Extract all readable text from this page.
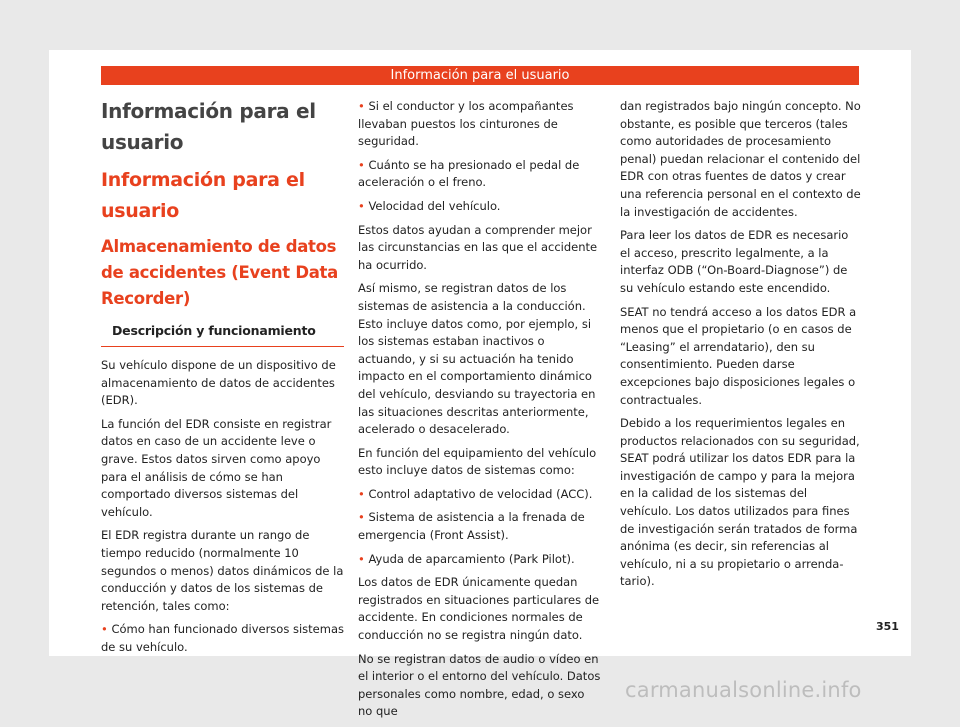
Información para el usuario
Información para el usuario
Información para el usuario
Almacenamiento de datos de accidentes (Event Data Recorder)
Descripción y funcionamiento

Su vehículo dispone de un dispositivo de almacenamiento de datos de accidentes (EDR).

La función del EDR consiste en registrar datos en caso de un accidente leve o grave. Estos datos sirven como apoyo para el análisis de cómo se han comportado diversos sistemas del vehículo.

El EDR registra durante un rango de tiempo reducido (normalmente 10 segundos o menos) datos dinámicos de la conducción y datos de los sistemas de retención, tales como:

• Cómo han funcionado diversos sistemas de su vehículo.

• Si el conductor y los acompañantes llevaban puestos los cinturones de seguridad.

• Cuánto se ha presionado el pedal de aceleración o el freno.

• Velocidad del vehículo.

Estos datos ayudan a comprender mejor las circunstancias en las que el accidente ha ocurrido.

Así mismo, se registran datos de los sistemas de asistencia a la conducción. Esto incluye datos como, por ejemplo, si los sistemas estaban inactivos o actuando, y si su actuación ha tenido impacto en el comportamiento dinámico del vehículo, desviando su trayectoria en las situaciones descritas anteriormente, acelerado o desacelerado.

En función del equipamiento del vehículo esto incluye datos de sistemas como:

• Control adaptativo de velocidad (ACC).

• Sistema de asistencia a la frenada de emergencia (Front Assist).

• Ayuda de aparcamiento (Park Pilot).

Los datos de EDR únicamente quedan registrados en situaciones particulares de accidente. En condiciones normales de conducción no se registra ningún dato.

No se registran datos de audio o vídeo en el interior o el entorno del vehículo. Datos personales como nombre, edad, o sexo no que

dan registrados bajo ningún concepto. No obstante, es posible que terceros (tales como autoridades de procesamiento penal) puedan relacionar el contenido del EDR con otras fuentes de datos y crear una referencia personal en el contexto de la investigación de accidentes.

Para leer los datos de EDR es necesario el acceso, prescrito legalmente, a la interfaz ODB (“On-Board-Diagnose”) de su vehículo estando este encendido.

SEAT no tendrá acceso a los datos EDR a menos que el propietario (o en casos de “Leasing” el arrendatario), den su consentimiento. Pueden darse excepciones bajo disposiciones legales o contractuales.

Debido a los requerimientos legales en productos relacionados con su seguridad, SEAT podrá utilizar los datos EDR para la investigación de campo y para la mejora en la calidad de los sistemas del vehículo. Los datos utilizados para fines de investigación serán tratados de forma anónima (es decir, sin referencias al vehículo, ni a su propietario o arrendatario).

351
carmanualsonline.info
